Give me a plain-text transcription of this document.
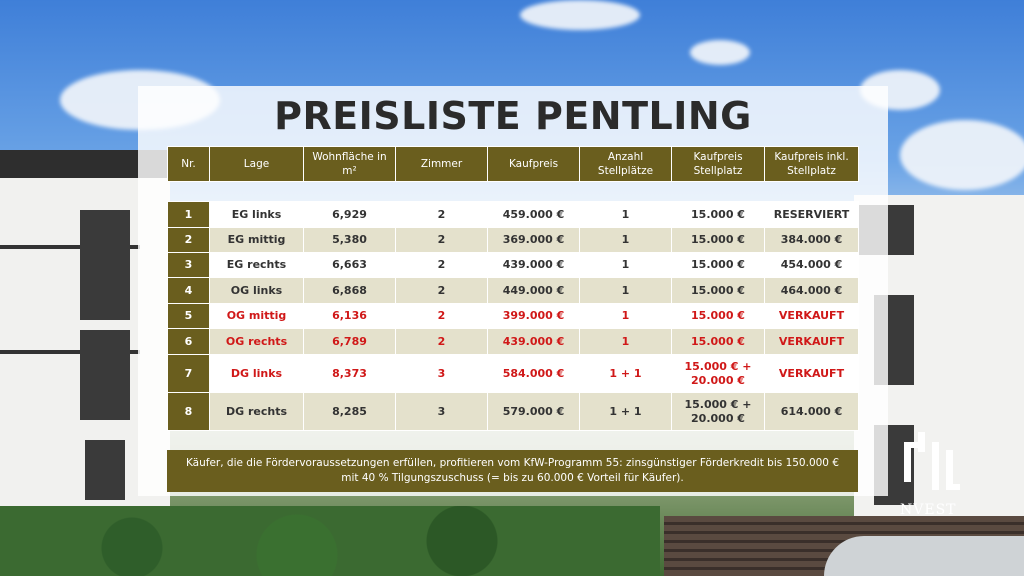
PREISLISTE PENTLING
Nr.	Lage	Wohnfläche in m²	Zimmer	Kaufpreis	Anzahl Stellplätze	Kaufpreis Stellplatz	Kaufpreis inkl. Stellplatz
1	EG links	6,929	2	459.000 €	1	15.000 €	RESERVIERT
2	EG mittig	5,380	2	369.000 €	1	15.000 €	384.000 €
3	EG rechts	6,663	2	439.000 €	1	15.000 €	454.000 €
4	OG links	6,868	2	449.000 €	1	15.000 €	464.000 €
5	OG mittig	6,136	2	399.000 €	1	15.000 €	VERKAUFT
6	OG rechts	6,789	2	439.000 €	1	15.000 €	VERKAUFT
7	DG links	8,373	3	584.000 €	1 + 1	15.000 € + 20.000 €	VERKAUFT
8	DG rechts	8,285	3	579.000 €	1 + 1	15.000 € + 20.000 €	614.000 €
Käufer, die die Fördervoraussetzungen erfüllen, profitieren vom KfW-Programm 55: zinsgünstiger Förderkredit bis 150.000 € mit 40 % Tilgungszuschuss (= bis zu 60.000 € Vorteil für Käufer).
NVEST
